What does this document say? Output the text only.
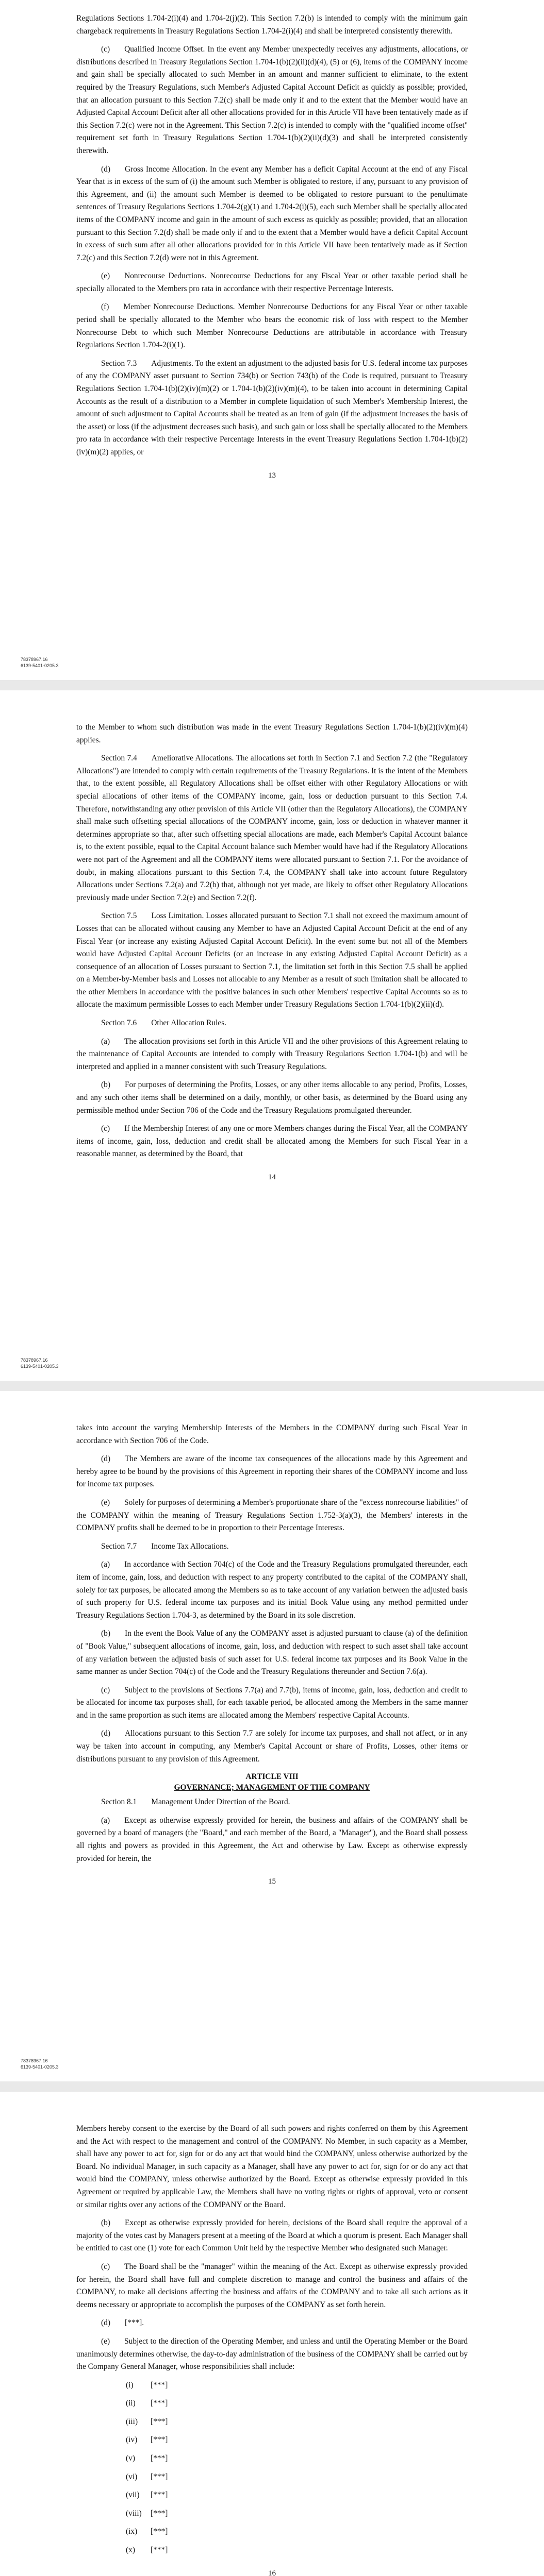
Regulations Sections 1.704-2(i)(4) and 1.704-2(j)(2). This Section 7.2(b) is intended to comply with the minimum gain chargeback requirements in Treasury Regulations Section 1.704-2(i)(4) and shall be interpreted consistently therewith.

(c) Qualified Income Offset. In the event any Member unexpectedly receives any adjustments, allocations, or distributions described in Treasury Regulations Section 1.704-1(b)(2)(ii)(d)(4), (5) or (6), items of the COMPANY income and gain shall be specially allocated to such Member in an amount and manner sufficient to eliminate, to the extent required by the Treasury Regulations, such Member's Adjusted Capital Account Deficit as quickly as possible; provided, that an allocation pursuant to this Section 7.2(c) shall be made only if and to the extent that the Member would have an Adjusted Capital Account Deficit after all other allocations provided for in this Article VII have been tentatively made as if this Section 7.2(c) were not in the Agreement. This Section 7.2(c) is intended to comply with the "qualified income offset" requirement set forth in Treasury Regulations Section 1.704-1(b)(2)(ii)(d)(3) and shall be interpreted consistently therewith.

(d) Gross Income Allocation. In the event any Member has a deficit Capital Account at the end of any Fiscal Year that is in excess of the sum of (i) the amount such Member is obligated to restore, if any, pursuant to any provision of this Agreement, and (ii) the amount such Member is deemed to be obligated to restore pursuant to the penultimate sentences of Treasury Regulations Sections 1.704-2(g)(1) and 1.704-2(i)(5), each such Member shall be specially allocated items of the COMPANY income and gain in the amount of such excess as quickly as possible; provided, that an allocation pursuant to this Section 7.2(d) shall be made only if and to the extent that a Member would have a deficit Capital Account in excess of such sum after all other allocations provided for in this Article VII have been tentatively made as if Section 7.2(c) and this Section 7.2(d) were not in this Agreement.

(e) Nonrecourse Deductions. Nonrecourse Deductions for any Fiscal Year or other taxable period shall be specially allocated to the Members pro rata in accordance with their respective Percentage Interests.

(f) Member Nonrecourse Deductions. Member Nonrecourse Deductions for any Fiscal Year or other taxable period shall be specially allocated to the Member who bears the economic risk of loss with respect to the Member Nonrecourse Debt to which such Member Nonrecourse Deductions are attributable in accordance with Treasury Regulations Section 1.704-2(i)(1).

Section 7.3 Adjustments. To the extent an adjustment to the adjusted basis for U.S. federal income tax purposes of any the COMPANY asset pursuant to Section 734(b) or Section 743(b) of the Code is required, pursuant to Treasury Regulations Section 1.704-1(b)(2)(iv)(m)(2) or 1.704-1(b)(2)(iv)(m)(4), to be taken into account in determining Capital Accounts as the result of a distribution to a Member in complete liquidation of such Member's Membership Interest, the amount of such adjustment to Capital Accounts shall be treated as an item of gain (if the adjustment increases the basis of the asset) or loss (if the adjustment decreases such basis), and such gain or loss shall be specially allocated to the Members pro rata in accordance with their respective Percentage Interests in the event Treasury Regulations Section 1.704-1(b)(2)(iv)(m)(2) applies, or

13
78378967.16
6139-5401-0205.3

to the Member to whom such distribution was made in the event Treasury Regulations Section 1.704-1(b)(2)(iv)(m)(4) applies.

Section 7.4 Ameliorative Allocations. The allocations set forth in Section 7.1 and Section 7.2 (the "Regulatory Allocations") are intended to comply with certain requirements of the Treasury Regulations. It is the intent of the Members that, to the extent possible, all Regulatory Allocations shall be offset either with other Regulatory Allocations or with special allocations of other items of the COMPANY income, gain, loss or deduction pursuant to this Section 7.4. Therefore, notwithstanding any other provision of this Article VII (other than the Regulatory Allocations), the COMPANY shall make such offsetting special allocations of the COMPANY income, gain, loss or deduction in whatever manner it determines appropriate so that, after such offsetting special allocations are made, each Member's Capital Account balance is, to the extent possible, equal to the Capital Account balance such Member would have had if the Regulatory Allocations were not part of the Agreement and all the COMPANY items were allocated pursuant to Section 7.1. For the avoidance of doubt, in making allocations pursuant to this Section 7.4, the COMPANY shall take into account future Regulatory Allocations under Sections 7.2(a) and 7.2(b) that, although not yet made, are likely to offset other Regulatory Allocations previously made under Section 7.2(e) and Section 7.2(f).

Section 7.5 Loss Limitation. Losses allocated pursuant to Section 7.1 shall not exceed the maximum amount of Losses that can be allocated without causing any Member to have an Adjusted Capital Account Deficit at the end of any Fiscal Year (or increase any existing Adjusted Capital Account Deficit). In the event some but not all of the Members would have Adjusted Capital Account Deficits (or an increase in any existing Adjusted Capital Account Deficit) as a consequence of an allocation of Losses pursuant to Section 7.1, the limitation set forth in this Section 7.5 shall be applied on a Member-by-Member basis and Losses not allocable to any Member as a result of such limitation shall be allocated to the other Members in accordance with the positive balances in such other Members' respective Capital Accounts so as to allocate the maximum permissible Losses to each Member under Treasury Regulations Section 1.704-1(b)(2)(ii)(d).

Section 7.6 Other Allocation Rules.

(a) The allocation provisions set forth in this Article VII and the other provisions of this Agreement relating to the maintenance of Capital Accounts are intended to comply with Treasury Regulations Section 1.704-1(b) and will be interpreted and applied in a manner consistent with such Treasury Regulations.

(b) For purposes of determining the Profits, Losses, or any other items allocable to any period, Profits, Losses, and any such other items shall be determined on a daily, monthly, or other basis, as determined by the Board using any permissible method under Section 706 of the Code and the Treasury Regulations promulgated thereunder.

(c) If the Membership Interest of any one or more Members changes during the Fiscal Year, all the COMPANY items of income, gain, loss, deduction and credit shall be allocated among the Members for such Fiscal Year in a reasonable manner, as determined by the Board, that

14
78378967.16
6139-5401-0205.3

takes into account the varying Membership Interests of the Members in the COMPANY during such Fiscal Year in accordance with Section 706 of the Code.

(d) The Members are aware of the income tax consequences of the allocations made by this Agreement and hereby agree to be bound by the provisions of this Agreement in reporting their shares of the COMPANY income and loss for income tax purposes.

(e) Solely for purposes of determining a Member's proportionate share of the "excess nonrecourse liabilities" of the COMPANY within the meaning of Treasury Regulations Section 1.752-3(a)(3), the Members' interests in the COMPANY profits shall be deemed to be in proportion to their Percentage Interests.

Section 7.7 Income Tax Allocations.

(a) In accordance with Section 704(c) of the Code and the Treasury Regulations promulgated thereunder, each item of income, gain, loss, and deduction with respect to any property contributed to the capital of the COMPANY shall, solely for tax purposes, be allocated among the Members so as to take account of any variation between the adjusted basis of such property for U.S. federal income tax purposes and its initial Book Value using any method permitted under Treasury Regulations Section 1.704-3, as determined by the Board in its sole discretion.

(b) In the event the Book Value of any the COMPANY asset is adjusted pursuant to clause (a) of the definition of "Book Value," subsequent allocations of income, gain, loss, and deduction with respect to such asset shall take account of any variation between the adjusted basis of such asset for U.S. federal income tax purposes and its Book Value in the same manner as under Section 704(c) of the Code and the Treasury Regulations thereunder and Section 7.6(a).

(c) Subject to the provisions of Sections 7.7(a) and 7.7(b), items of income, gain, loss, deduction and credit to be allocated for income tax purposes shall, for each taxable period, be allocated among the Members in the same manner and in the same proportion as such items are allocated among the Members' respective Capital Accounts.

(d) Allocations pursuant to this Section 7.7 are solely for income tax purposes, and shall not affect, or in any way be taken into account in computing, any Member's Capital Account or share of Profits, Losses, other items or distributions pursuant to any provision of this Agreement.

ARTICLE VIII
GOVERNANCE; MANAGEMENT OF THE COMPANY

Section 8.1 Management Under Direction of the Board.

(a) Except as otherwise expressly provided for herein, the business and affairs of the COMPANY shall be governed by a board of managers (the "Board," and each member of the Board, a "Manager"), and the Board shall possess all rights and powers as provided in this Agreement, the Act and otherwise by Law. Except as otherwise expressly provided for herein, the

15
78378967.16
6139-5401-0205.3

Members hereby consent to the exercise by the Board of all such powers and rights conferred on them by this Agreement and the Act with respect to the management and control of the COMPANY. No Member, in such capacity as a Member, shall have any power to act for, sign for or do any act that would bind the COMPANY, unless otherwise authorized by the Board. No individual Manager, in such capacity as a Manager, shall have any power to act for, sign for or do any act that would bind the COMPANY, unless otherwise authorized by the Board. Except as otherwise expressly provided in this Agreement or required by applicable Law, the Members shall have no voting rights or rights of approval, veto or consent or similar rights over any actions of the COMPANY or the Board.

(b) Except as otherwise expressly provided for herein, decisions of the Board shall require the approval of a majority of the votes cast by Managers present at a meeting of the Board at which a quorum is present. Each Manager shall be entitled to cast one (1) vote for each Common Unit held by the respective Member who designated such Manager.

(c) The Board shall be the "manager" within the meaning of the Act. Except as otherwise expressly provided for herein, the Board shall have full and complete discretion to manage and control the business and affairs of the COMPANY, to make all decisions affecting the business and affairs of the COMPANY and to take all such actions as it deems necessary or appropriate to accomplish the purposes of the COMPANY as set forth herein.

(d) [***].

(e) Subject to the direction of the Operating Member, and unless and until the Operating Member or the Board unanimously determines otherwise, the day-to-day administration of the business of the COMPANY shall be carried out by the Company General Manager, whose responsibilities shall include:

(i) [***]
(ii) [***]
(iii) [***]
(iv) [***]
(v) [***]
(vi) [***]
(vii) [***]
(viii) [***]
(ix) [***]
(x) [***]
16
